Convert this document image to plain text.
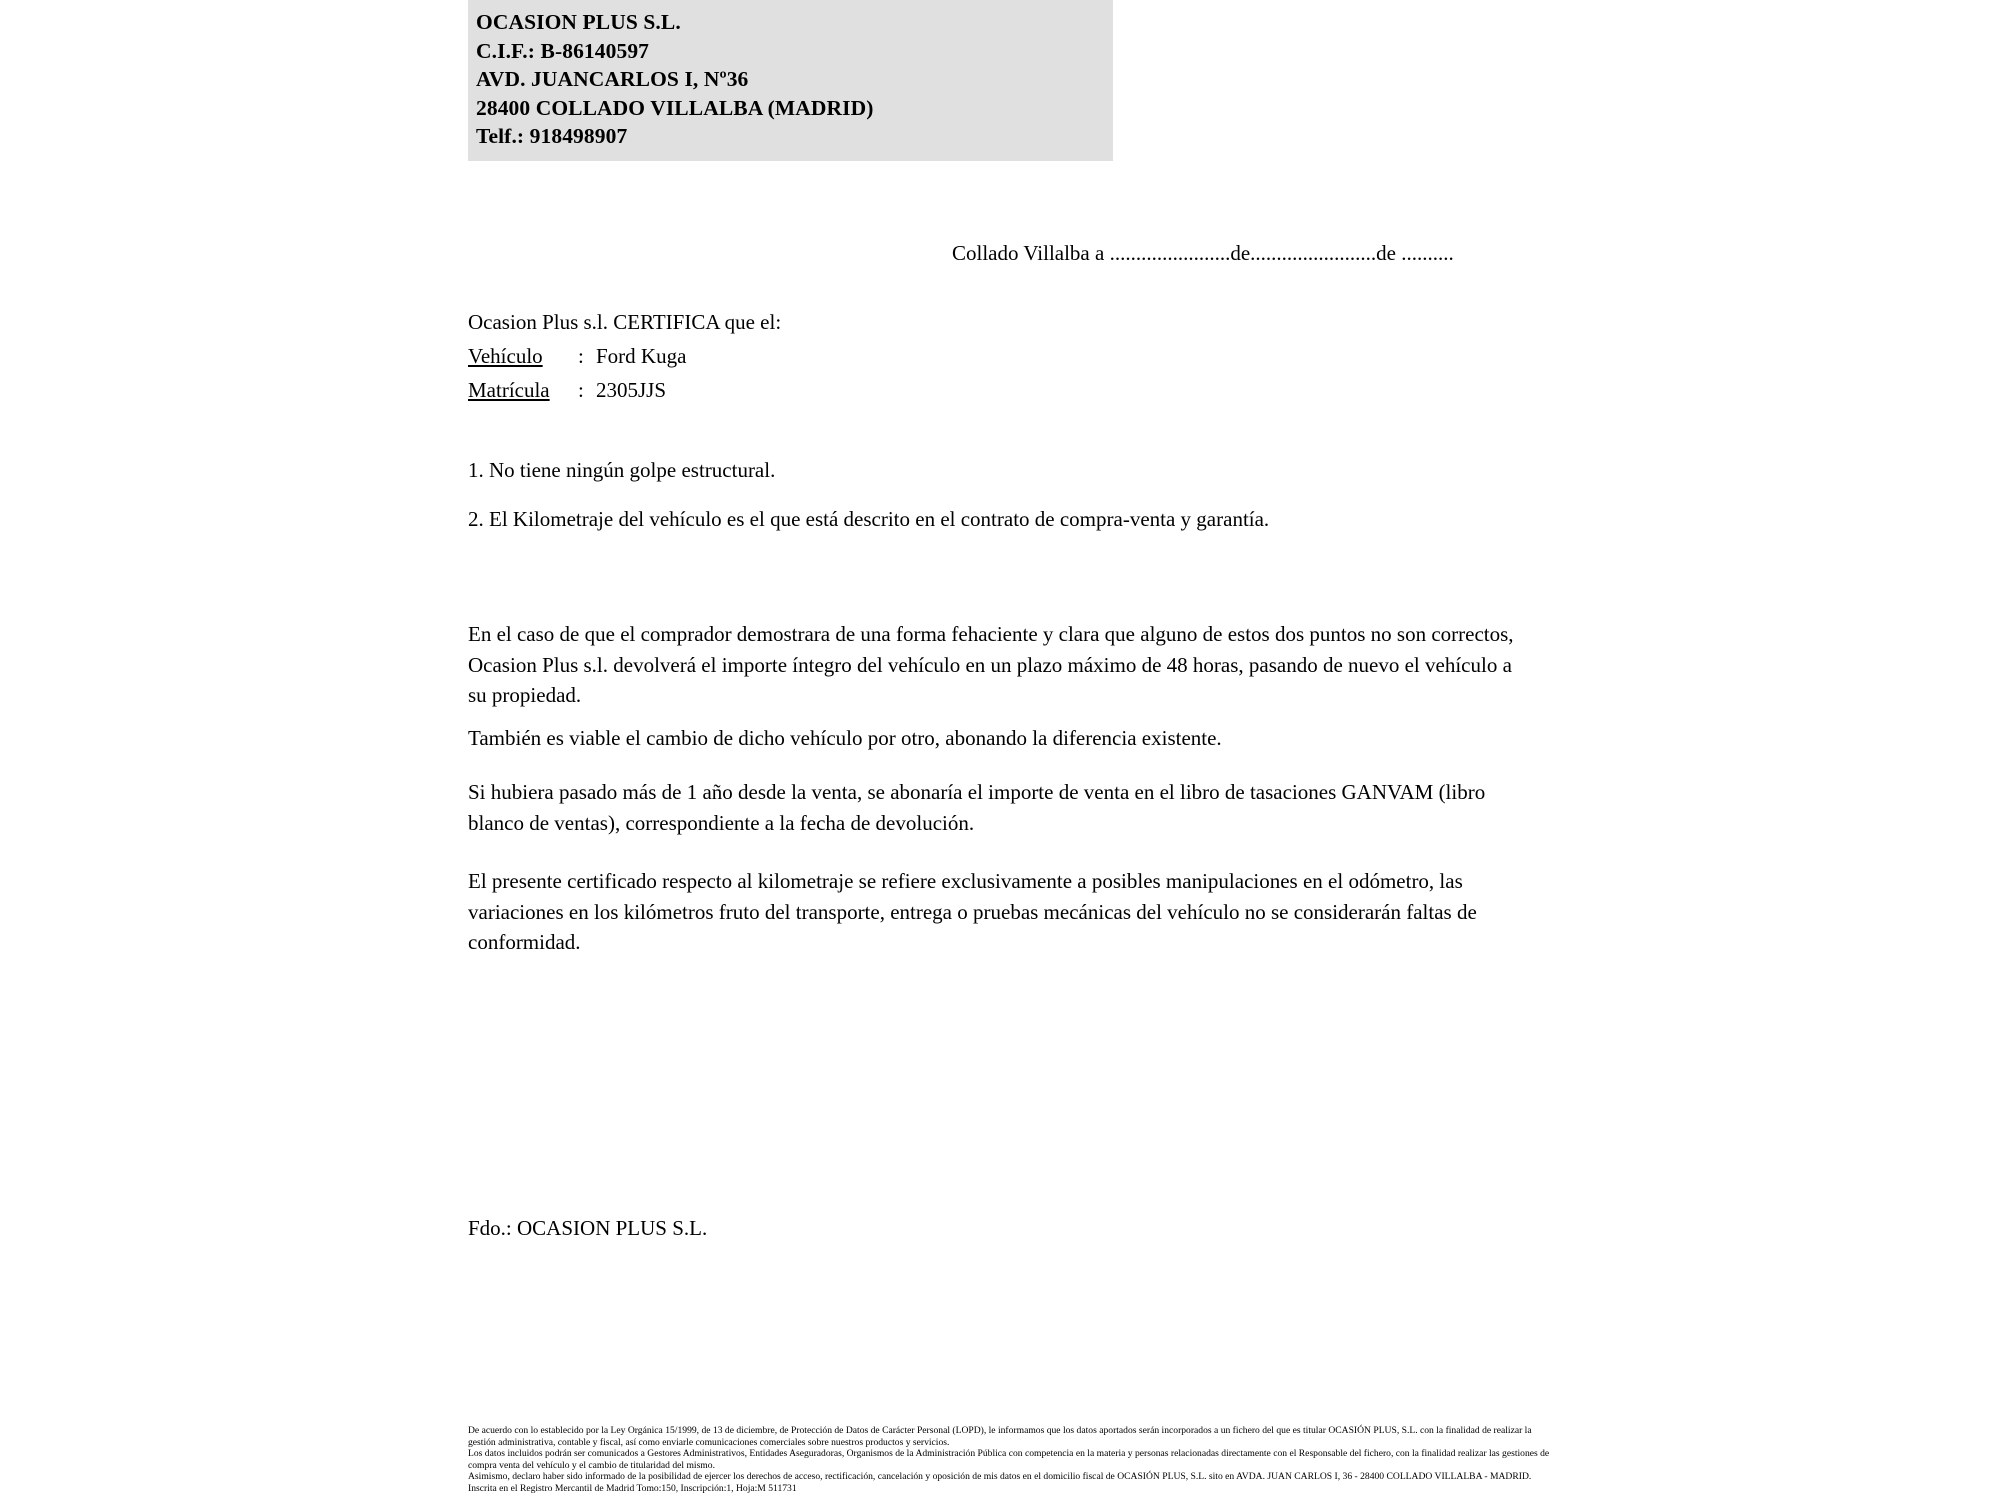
OCASION PLUS S.L.
C.I.F.: B-86140597
AVD. JUANCARLOS I, Nº36
28400 COLLADO VILLALBA (MADRID)
Telf.: 918498907
Collado Villalba a .......................de........................de ..........
Ocasion Plus s.l. CERTIFICA que el:
Vehículo : Ford Kuga
Matrícula : 2305JJS
1. No tiene ningún golpe estructural.
2. El Kilometraje del vehículo es el que está descrito en el contrato de compra-venta y garantía.
En el caso de que el comprador demostrara de una forma fehaciente y clara que alguno de estos dos puntos no son correctos, Ocasion Plus s.l. devolverá el importe íntegro del vehículo en un plazo máximo de 48 horas, pasando de nuevo el vehículo a su propiedad.
También es viable el cambio de dicho vehículo por otro, abonando la diferencia existente.
Si hubiera pasado más de 1 año desde la venta, se abonaría el importe de venta en el libro de tasaciones GANVAM (libro blanco de ventas), correspondiente a la fecha de devolución.
El presente certificado respecto al kilometraje se refiere exclusivamente a posibles manipulaciones en el odómetro, las variaciones en los kilómetros fruto del transporte, entrega o pruebas mecánicas del vehículo no se considerarán faltas de conformidad.
Fdo.: OCASION PLUS S.L.

De acuerdo con lo establecido por la Ley Orgánica 15/1999, de 13 de diciembre, de Protección de Datos de Carácter Personal (LOPD), le informamos que los datos aportados serán incorporados a un fichero del que es titular OCASIÓN PLUS, S.L. con la finalidad de realizar la gestión administrativa, contable y fiscal, así como enviarle comunicaciones comerciales sobre nuestros productos y servicios.

Los datos incluidos podrán ser comunicados a Gestores Administrativos, Entidades Aseguradoras, Organismos de la Administración Pública con competencia en la materia y personas relacionadas directamente con el Responsable del fichero, con la finalidad realizar las gestiones de compra venta del vehículo y el cambio de titularidad del mismo.

Asimismo, declaro haber sido informado de la posibilidad de ejercer los derechos de acceso, rectificación, cancelación y oposición de mis datos en el domicilio fiscal de OCASIÓN PLUS, S.L. sito en AVDA. JUAN CARLOS I, 36 - 28400 COLLADO VILLALBA - MADRID. Inscrita en el Registro Mercantil de Madrid Tomo:150, Inscripción:1, Hoja:M 511731
